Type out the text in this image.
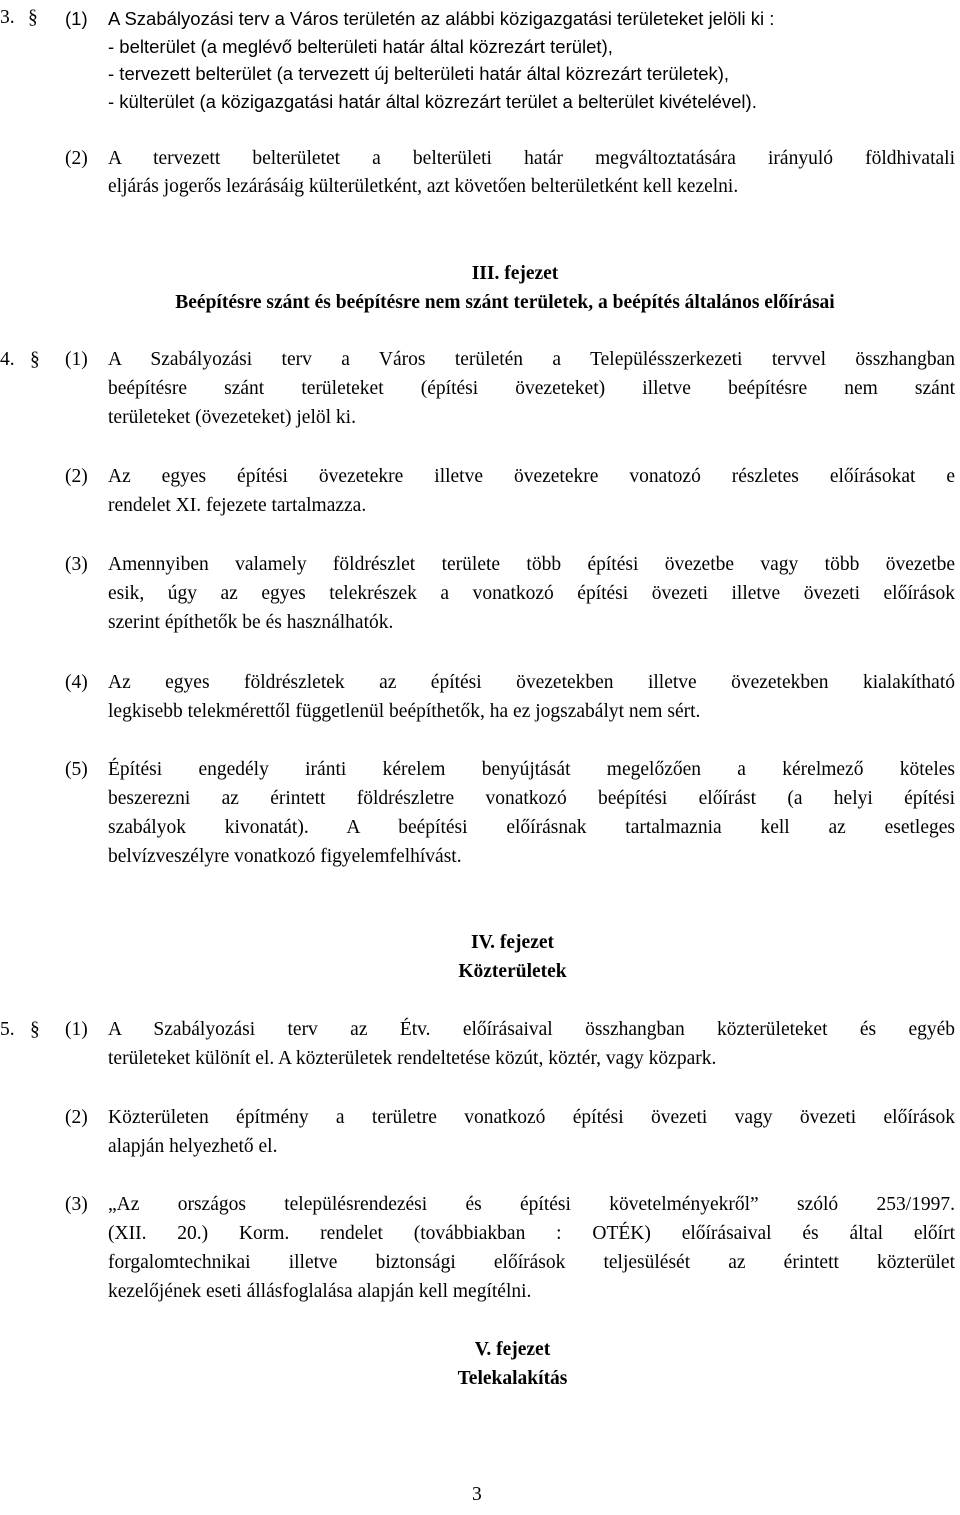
3. § (1) A Szabályozási terv a Város területén az alábbi közigazgatási területeket jelöli ki :
- belterület (a meglévő belterületi határ által közrezárt terület),
- tervezett belterület (a tervezett új belterületi határ által közrezárt területek),
- külterület (a közigazgatási határ által közrezárt terület a belterület kivételével).
(2) A tervezett belterületet a belterületi határ megváltoztatására irányuló földhivatali
eljárás jogerős lezárásáig külterületként, azt követően belterületként kell kezelni.
III. fejezet
Beépítésre szánt és beépítésre nem szánt területek, a beépítés általános előírásai
4. § (1) A Szabályozási terv a Város területén a Településszerkezeti tervvel összhangban
beépítésre szánt területeket (építési övezeteket) illetve beépítésre nem szánt
területeket (övezeteket) jelöl ki.
(2) Az egyes építési övezetekre illetve övezetekre vonatozó részletes előírásokat e
rendelet XI. fejezete tartalmazza.
(3) Amennyiben valamely földrészlet területe több építési övezetbe vagy több övezetbe
esik, úgy az egyes telekrészek a vonatkozó építési övezeti illetve övezeti előírások
szerint építhetők be és használhatók.
(4) Az egyes földrészletek az építési övezetekben illetve övezetekben kialakítható
legkisebb telekmérettől függetlenül beépíthetők, ha ez jogszabályt nem sért.
(5) Építési engedély iránti kérelem benyújtását megelőzően a kérelmező köteles
beszerezni az érintett földrészletre vonatkozó beépítési előírást (a helyi építési
szabályok kivonatát). A beépítési előírásnak tartalmaznia kell az esetleges
belvízveszélyre vonatkozó figyelemfelhívást.
IV. fejezet
Közterületek
5. § (1) A Szabályozási terv az Étv. előírásaival összhangban közterületeket és egyéb
területeket különít el. A közterületek rendeltetése közút, köztér, vagy közpark.
(2) Közterületen építmény a területre vonatkozó építési övezeti vagy övezeti előírások
alapján helyezhető el.
(3) „Az országos településrendezési és építési követelményekről” szóló 253/1997.
(XII. 20.) Korm. rendelet (továbbiakban : OTÉK) előírásaival és által előírt
forgalomtechnikai illetve biztonsági előírások teljesülését az érintett közterület
kezelőjének eseti állásfoglalása alapján kell megítélni.
V. fejezet
Telekalakítás
3
